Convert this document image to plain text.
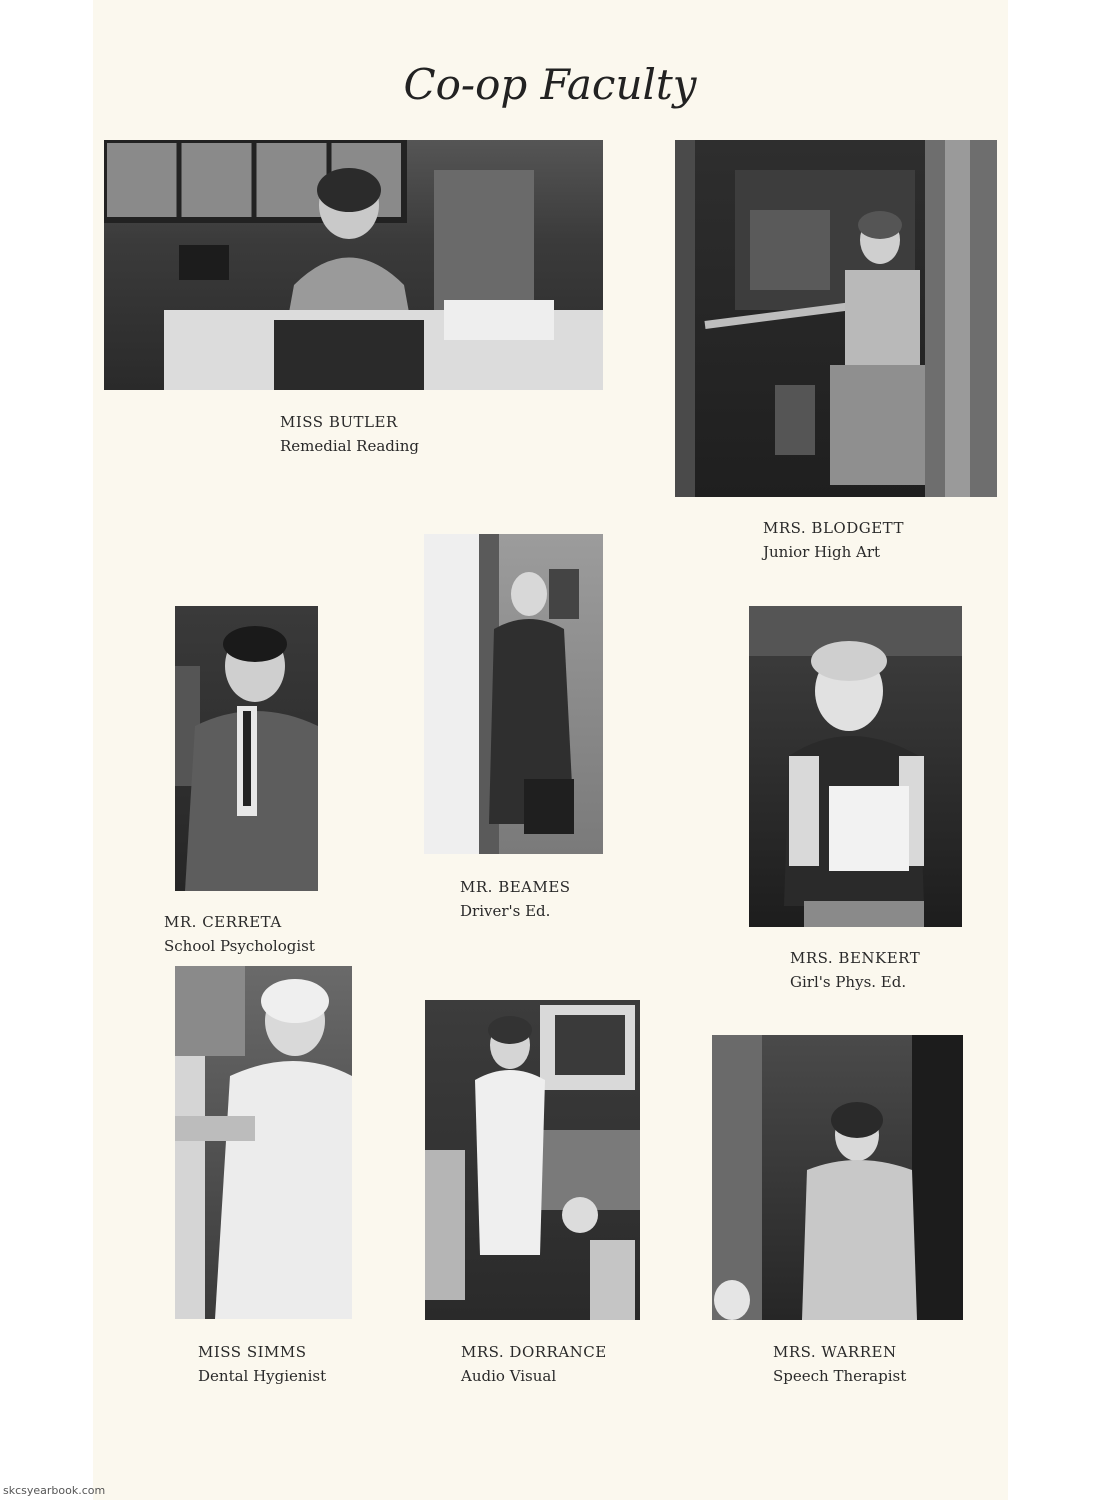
Co-op Faculty
MISS BUTLER
Remedial Reading
MRS. BLODGETT
Junior High Art
MR. BEAMES
Driver's Ed.
MR. CERRETA
School Psychologist
MRS. BENKERT
Girl's Phys. Ed.
MISS SIMMS
Dental Hygienist
MRS. DORRANCE
Audio Visual
MRS. WARREN
Speech Therapist
skcsyearbook.com
